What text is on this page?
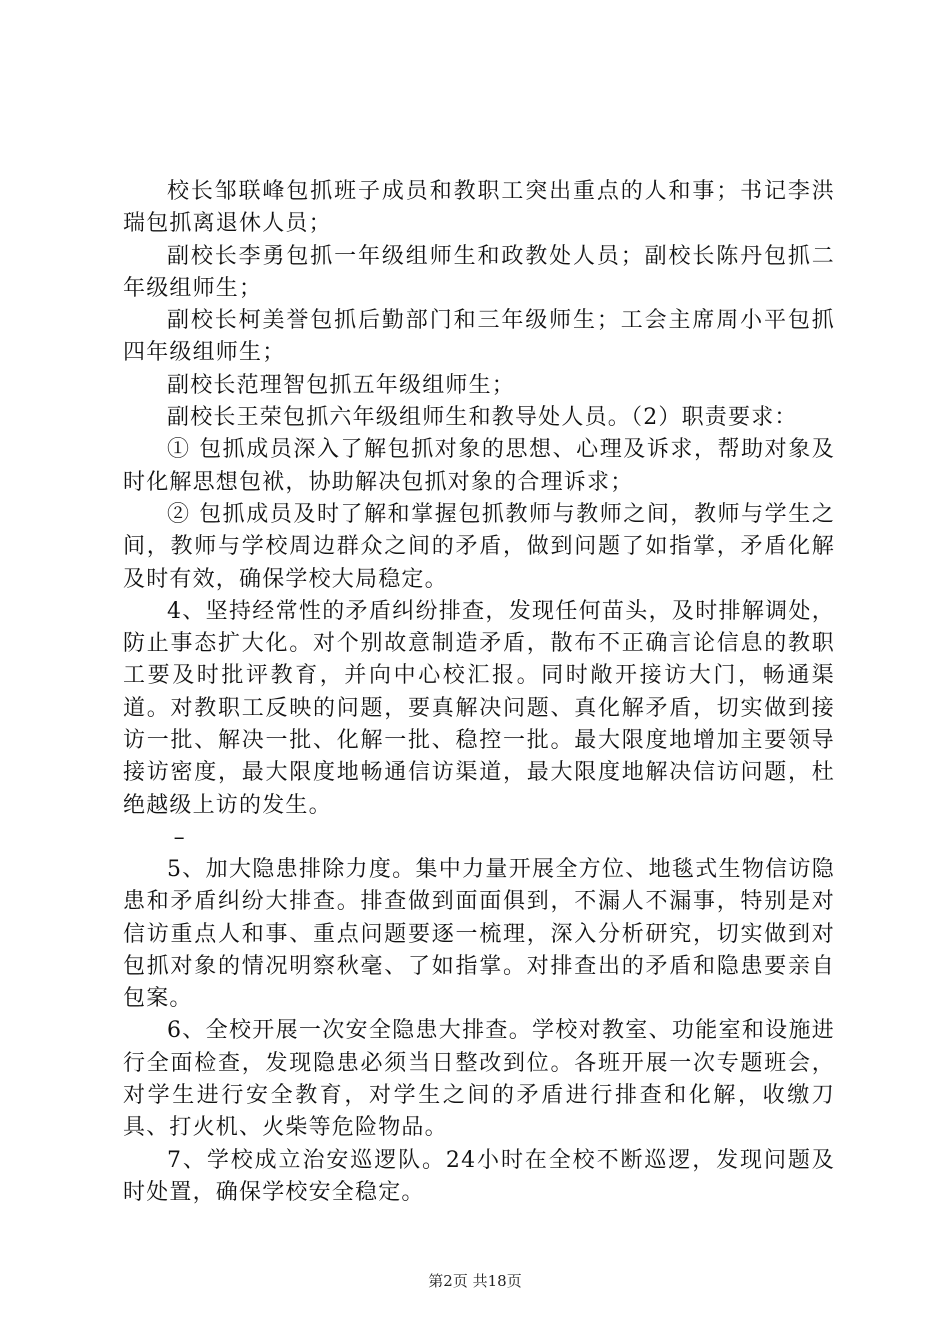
校长邹联峰包抓班子成员和教职工突出重点的人和事；书记李洪瑞包抓离退休人员；

副校长李勇包抓一年级组师生和政教处人员；副校长陈丹包抓二年级组师生；

副校长柯美誉包抓后勤部门和三年级师生；工会主席周小平包抓四年级组师生；

副校长范理智包抓五年级组师生；

副校长王荣包抓六年级组师生和教导处人员。（2）职责要求：

① 包抓成员深入了解包抓对象的思想、心理及诉求，帮助对象及时化解思想包袱，协助解决包抓对象的合理诉求；

② 包抓成员及时了解和掌握包抓教师与教师之间，教师与学生之间，教师与学校周边群众之间的矛盾，做到问题了如指掌，矛盾化解及时有效，确保学校大局稳定。

4、坚持经常性的矛盾纠纷排查，发现任何苗头，及时排解调处，防止事态扩大化。对个别故意制造矛盾，散布不正确言论信息的教职工要及时批评教育，并向中心校汇报。同时敞开接访大门，畅通渠道。对教职工反映的问题，要真解决问题、真化解矛盾，切实做到接访一批、解决一批、化解一批、稳控一批。最大限度地增加主要领导接访密度，最大限度地畅通信访渠道，最大限度地解决信访问题，杜绝越级上访的发生。

–

5、加大隐患排除力度。集中力量开展全方位、地毯式生物信访隐患和矛盾纠纷大排查。排查做到面面俱到，不漏人不漏事，特别是对信访重点人和事、重点问题要逐一梳理，深入分析研究，切实做到对包抓对象的情况明察秋毫、了如指掌。对排查出的矛盾和隐患要亲自包案。

6、全校开展一次安全隐患大排查。学校对教室、功能室和设施进行全面检查，发现隐患必须当日整改到位。各班开展一次专题班会，对学生进行安全教育，对学生之间的矛盾进行排查和化解，收缴刀具、打火机、火柴等危险物品。

7、学校成立治安巡逻队。24小时在全校不断巡逻，发现问题及时处置，确保学校安全稳定。

第2页 共18页
